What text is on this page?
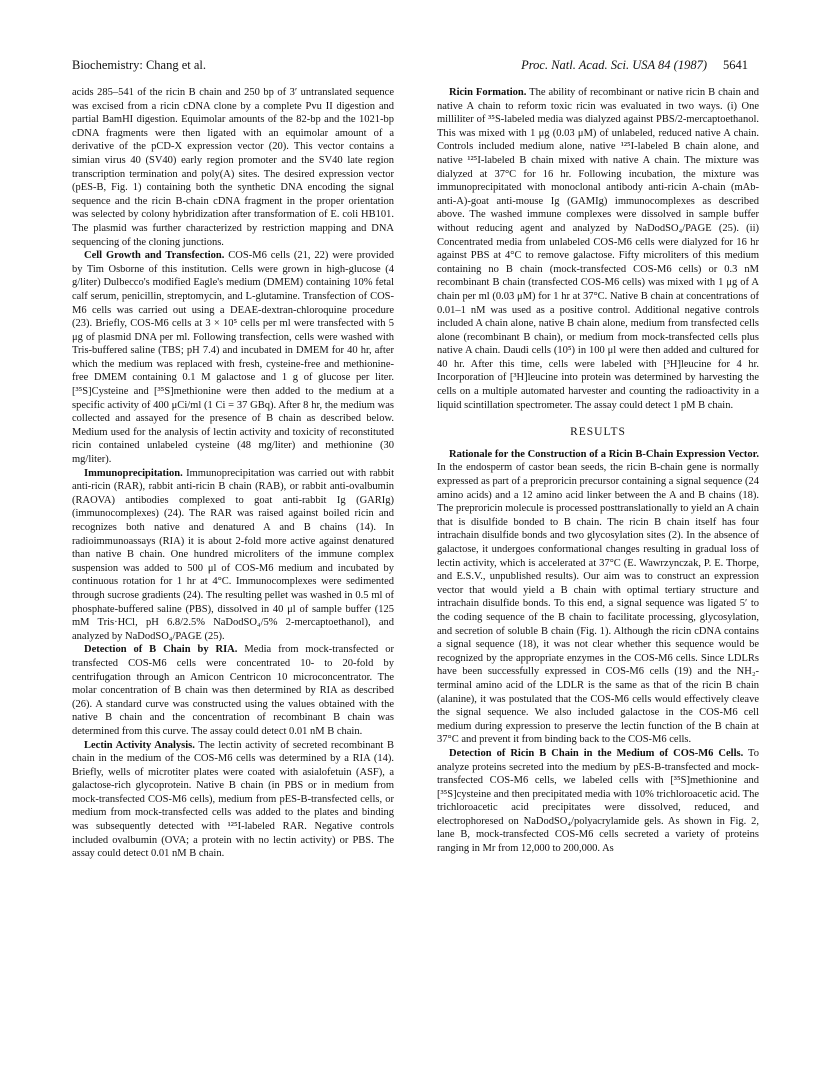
Biochemistry: Chang et al.	Proc. Natl. Acad. Sci. USA 84 (1987) 5641

acids 285–541 of the ricin B chain and 250 bp of 3′ untranslated sequence was excised from a ricin cDNA clone by a complete Pvu II digestion and partial BamHI digestion. Equimolar amounts of the 82-bp and the 1021-bp cDNA fragments were then ligated with an equimolar amount of a derivative of the pCD-X expression vector (20). This vector contains a simian virus 40 (SV40) early region promoter and the SV40 late region transcription termination and poly(A) sites. The desired expression vector (pES-B, Fig. 1) containing both the synthetic DNA encoding the signal sequence and the ricin B-chain cDNA fragment in the proper orientation was selected by colony hybridization after transformation of E. coli HB101. The plasmid was further characterized by restriction mapping and DNA sequencing of the cloning junctions.

Cell Growth and Transfection. COS-M6 cells (21, 22) were provided by Tim Osborne of this institution. Cells were grown in high-glucose (4 g/liter) Dulbecco's modified Eagle's medium (DMEM) containing 10% fetal calf serum, penicillin, streptomycin, and L-glutamine. Transfection of COS-M6 cells was carried out using a DEAE-dextran-chloroquine procedure (23). Briefly, COS-M6 cells at 3 × 10⁵ cells per ml were transfected with 5 μg of plasmid DNA per ml. Following transfection, cells were washed with Tris-buffered saline (TBS; pH 7.4) and incubated in DMEM for 40 hr, after which the medium was replaced with fresh, cysteine-free and methionine-free DMEM containing 0.1 M galactose and 1 g of glucose per liter. [³⁵S]Cysteine and [³⁵S]methionine were then added to the medium at a specific activity of 400 μCi/ml (1 Ci = 37 GBq). After 8 hr, the medium was collected and assayed for the presence of B chain as described below. Medium used for the analysis of lectin activity and toxicity of reconstituted ricin contained unlabeled cysteine (48 mg/liter) and methionine (30 mg/liter).

Immunoprecipitation. Immunoprecipitation was carried out with rabbit anti-ricin (RAR), rabbit anti-ricin B chain (RAB), or rabbit anti-ovalbumin (RAOVA) antibodies complexed to goat anti-rabbit Ig (GARIg) (immunocomplexes) (24). The RAR was raised against boiled ricin and recognizes both native and denatured A and B chains (14). In radioimmunoassays (RIA) it is about 2-fold more active against denatured than native B chain. One hundred microliters of the immune complex suspension was added to 500 μl of COS-M6 medium and incubated by continuous rotation for 1 hr at 4°C. Immunocomplexes were sedimented through sucrose gradients (24). The resulting pellet was washed in 0.5 ml of phosphate-buffered saline (PBS), dissolved in 40 μl of sample buffer (125 mM Tris·HCl, pH 6.8/2.5% NaDodSO₄/5% 2-mercaptoethanol), and analyzed by NaDodSO₄/PAGE (25).

Detection of B Chain by RIA. Media from mock-transfected or transfected COS-M6 cells were concentrated 10- to 20-fold by centrifugation through an Amicon Centricon 10 microconcentrator. The molar concentration of B chain was then determined by RIA as described (26). A standard curve was constructed using the values obtained with the native B chain and the concentration of recombinant B chain was determined from this curve. The assay could detect 0.01 nM B chain.

Lectin Activity Analysis. The lectin activity of secreted recombinant B chain in the medium of the COS-M6 cells was determined by a RIA (14). Briefly, wells of microtiter plates were coated with asialofetuin (ASF), a galactose-rich glycoprotein. Native B chain (in PBS or in medium from mock-transfected COS-M6 cells), medium from pES-B-transfected cells, or medium from mock-transfected cells was added to the plates and binding was subsequently detected with ¹²⁵I-labeled RAR. Negative controls included ovalbumin (OVA; a protein with no lectin activity) or PBS. The assay could detect 0.01 nM B chain.

Ricin Formation. The ability of recombinant or native ricin B chain and native A chain to reform toxic ricin was evaluated in two ways. (i) One milliliter of ³⁵S-labeled media was dialyzed against PBS/2-mercaptoethanol. This was mixed with 1 μg (0.03 μM) of unlabeled, reduced native A chain. Controls included medium alone, native ¹²⁵I-labeled B chain alone, and native ¹²⁵I-labeled B chain mixed with native A chain. The mixture was dialyzed at 37°C for 16 hr. Following incubation, the mixture was immunoprecipitated with monoclonal antibody anti-ricin A-chain (mAb-anti-A)-goat anti-mouse Ig (GAMIg) immunocomplexes as described above. The washed immune complexes were dissolved in sample buffer without reducing agent and analyzed by NaDodSO₄/PAGE (25). (ii) Concentrated media from unlabeled COS-M6 cells were dialyzed for 16 hr against PBS at 4°C to remove galactose. Fifty microliters of this medium containing no B chain (mock-transfected COS-M6 cells) or 0.3 nM recombinant B chain (transfected COS-M6 cells) was mixed with 1 μg of A chain per ml (0.03 μM) for 1 hr at 37°C. Native B chain at concentrations of 0.01–1 nM was used as a positive control. Additional negative controls included A chain alone, native B chain alone, medium from transfected cells alone (recombinant B chain), or medium from mock-transfected cells plus native A chain. Daudi cells (10⁵) in 100 μl were then added and cultured for 40 hr. After this time, cells were labeled with [³H]leucine for 4 hr. Incorporation of [³H]leucine into protein was determined by harvesting the cells on a multiple automated harvester and counting the radioactivity in a liquid scintillation spectrometer. The assay could detect 1 pM B chain.

RESULTS

Rationale for the Construction of a Ricin B-Chain Expression Vector. In the endosperm of castor bean seeds, the ricin B-chain gene is normally expressed as part of a preproricin precursor containing a signal sequence (24 amino acids) and a 12 amino acid linker between the A and B chains (18). The preproricin molecule is processed posttranslationally to yield an A chain that is disulfide bonded to B chain. The ricin B chain itself has four intrachain disulfide bonds and two glycosylation sites (2). In the absence of galactose, it undergoes conformational changes resulting in gradual loss of lectin activity, which is accelerated at 37°C (E. Wawrzynczak, P. E. Thorpe, and E.S.V., unpublished results). Our aim was to construct an expression vector that would yield a B chain with optimal tertiary structure and intrachain disulfide bonds. To this end, a signal sequence was ligated 5′ to the coding sequence of the B chain to facilitate processing, glycosylation, and secretion of soluble B chain (Fig. 1). Although the ricin cDNA contains a signal sequence (18), it was not clear whether this sequence would be recognized by the appropriate enzymes in the COS-M6 cells. Since LDLRs have been successfully expressed in COS-M6 cells (19) and the NH₂-terminal amino acid of the LDLR is the same as that of the ricin B chain (alanine), it was postulated that the COS-M6 cells would effectively cleave the signal sequence. We also included galactose in the COS-M6 cell medium during expression to preserve the lectin function of the B chain at 37°C and prevent it from binding back to the COS-M6 cells.

Detection of Ricin B Chain in the Medium of COS-M6 Cells. To analyze proteins secreted into the medium by pES-B-transfected and mock-transfected COS-M6 cells, we labeled cells with [³⁵S]methionine and [³⁵S]cysteine and then precipitated media with 10% trichloroacetic acid. The trichloroacetic acid precipitates were dissolved, reduced, and electrophoresed on NaDodSO₄/polyacrylamide gels. As shown in Fig. 2, lane B, mock-transfected COS-M6 cells secreted a variety of proteins ranging in Mr from 12,000 to 200,000. As
